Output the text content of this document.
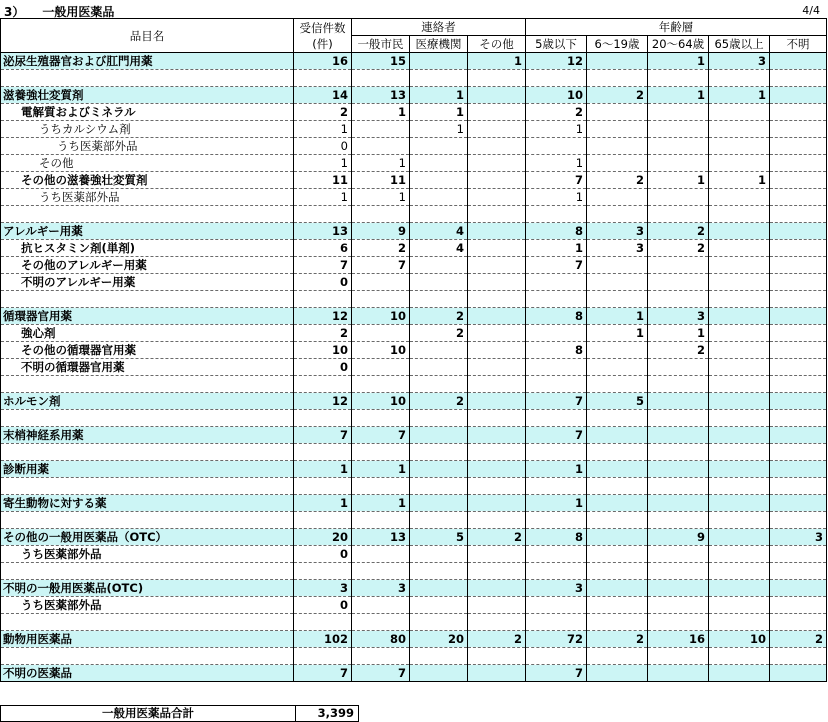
3） 一般用医薬品	4/4
品目名	受信件数
(件)	連絡者			年齢層				
		一般市民	医療機関	その他	5歳以下	6～19歳	20～64歳	65歳以上	不明
泌尿生殖器官および肛門用薬	16	15		1	12		1	3	

滋養強壮変質剤	14	13	1		10	2	1	1	
電解質およびミネラル	2	1	1		2				
うちカルシウム剤	1		1		1				
うち医薬部外品	0								
その他	1	1			1				
その他の滋養強壮変質剤	11	11			7	2	1	1	
うち医薬部外品	1	1			1				

アレルギー用薬	13	9	4		8	3	2		
抗ヒスタミン剤(単剤)	6	2	4		1	3	2		
その他のアレルギー用薬	7	7			7				
不明のアレルギー用薬	0								

循環器官用薬	12	10	2		8	1	3		
強心剤	2		2			1	1		
その他の循環器官用薬	10	10			8		2		
不明の循環器官用薬	0								

ホルモン剤	12	10	2		7	5			

末梢神経系用薬	7	7			7				

診断用薬	1	1			1				

寄生動物に対する薬	1	1			1				

その他の一般用医薬品（OTC）	20	13	5	2	8		9		3
うち医薬部外品	0								

不明の一般用医薬品(OTC)	3	3			3				
うち医薬部外品	0								

動物用医薬品	102	80	20	2	72	2	16	10	2

不明の医薬品	7	7			7				
一般用医薬品合計	3,399
